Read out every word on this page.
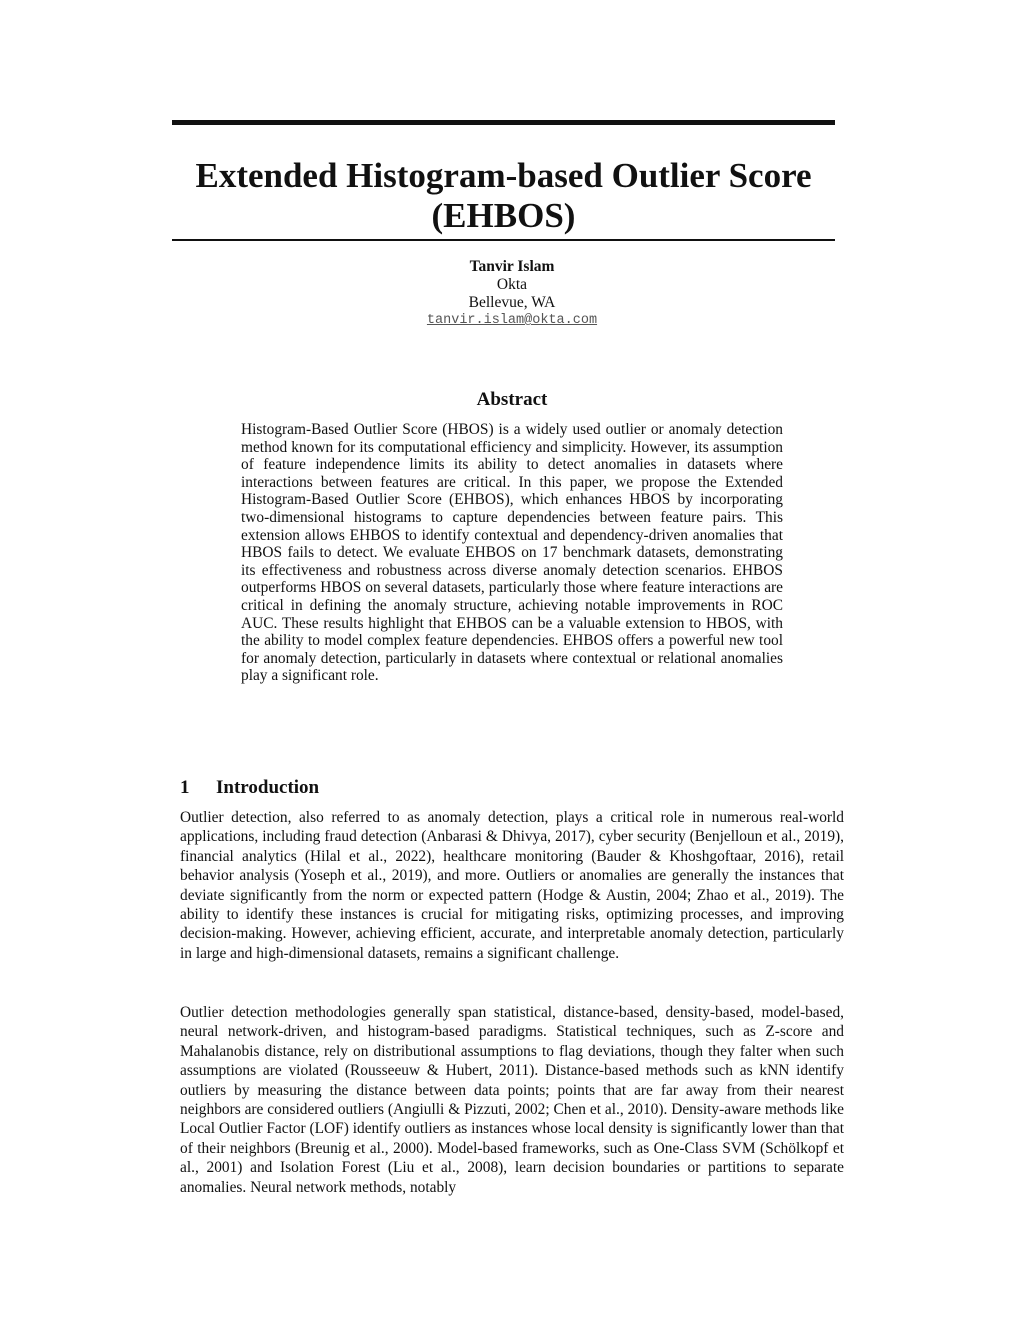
Extended Histogram-based Outlier Score
(EHBOS)
Tanvir Islam
Okta
Bellevue, WA
tanvir.islam@okta.com
Abstract

Histogram-Based Outlier Score (HBOS) is a widely used outlier or anomaly detection method known for its computational efficiency and simplicity. However, its assumption of feature independence limits its ability to detect anomalies in datasets where interactions between features are critical. In this paper, we propose the Extended Histogram-Based Outlier Score (EHBOS), which enhances HBOS by incorporating two-dimensional histograms to capture dependencies between feature pairs. This extension allows EHBOS to identify contextual and dependency-driven anomalies that HBOS fails to detect. We evaluate EHBOS on 17 benchmark datasets, demonstrating its effectiveness and robustness across diverse anomaly detection scenarios. EHBOS outperforms HBOS on several datasets, particularly those where feature interactions are critical in defining the anomaly structure, achieving notable improvements in ROC AUC. These results highlight that EHBOS can be a valuable extension to HBOS, with the ability to model complex feature dependencies. EHBOS offers a powerful new tool for anomaly detection, particularly in datasets where contextual or relational anomalies play a significant role.

1 Introduction

Outlier detection, also referred to as anomaly detection, plays a critical role in numerous real-world applications, including fraud detection (Anbarasi & Dhivya, 2017), cyber security (Benjelloun et al., 2019), financial analytics (Hilal et al., 2022), healthcare monitoring (Bauder & Khoshgoftaar, 2016), retail behavior analysis (Yoseph et al., 2019), and more. Outliers or anomalies are generally the instances that deviate significantly from the norm or expected pattern (Hodge & Austin, 2004; Zhao et al., 2019). The ability to identify these instances is crucial for mitigating risks, optimizing processes, and improving decision-making. However, achieving efficient, accurate, and interpretable anomaly detection, particularly in large and high-dimensional datasets, remains a significant challenge.

Outlier detection methodologies generally span statistical, distance-based, density-based, model-based, neural network-driven, and histogram-based paradigms. Statistical techniques, such as Z-score and Mahalanobis distance, rely on distributional assumptions to flag deviations, though they falter when such assumptions are violated (Rousseeuw & Hubert, 2011). Distance-based methods such as kNN identify outliers by measuring the distance between data points; points that are far away from their nearest neighbors are considered outliers (Angiulli & Pizzuti, 2002; Chen et al., 2010). Density-aware methods like Local Outlier Factor (LOF) identify outliers as instances whose local density is significantly lower than that of their neighbors (Breunig et al., 2000). Model-based frameworks, such as One-Class SVM (Schölkopf et al., 2001) and Isolation Forest (Liu et al., 2008), learn decision boundaries or partitions to separate anomalies. Neural network methods, notably
